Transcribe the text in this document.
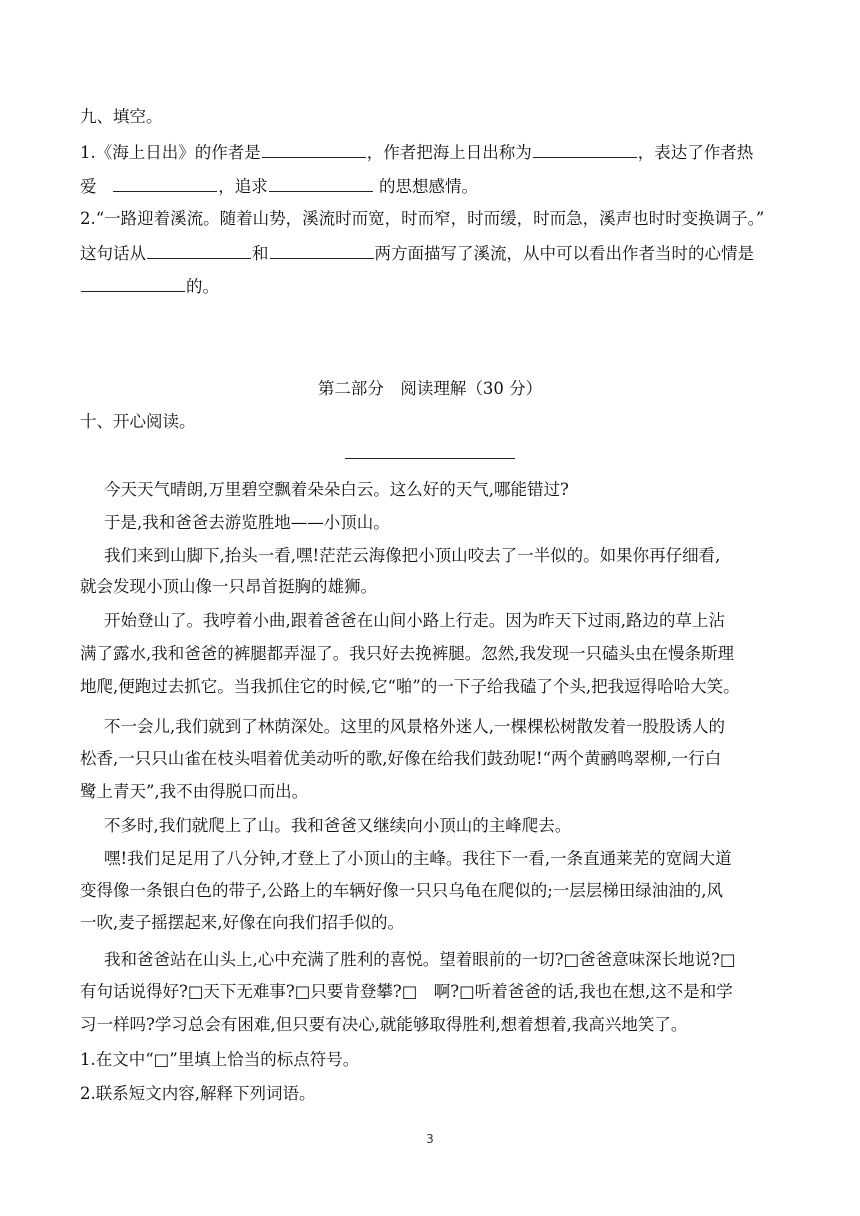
九、填空。
1.《海上日出》的作者是	，作者把海上日出称为	，表达了作者热
爱	，追求	的思想感情。
2.“一路迎着溪流。随着山势，溪流时而宽，时而窄，时而缓，时而急，溪声也时时变换调子。”
这句话从	和	两方面描写了溪流，从中可以看出作者当时的心情是
的。
第二部分　阅读理解（30 分）
十、开心阅读。
今天天气晴朗,万里碧空飘着朵朵白云。这么好的天气,哪能错过?
于是,我和爸爸去游览胜地——小顶山。
我们来到山脚下,抬头一看,嘿!茫茫云海像把小顶山咬去了一半似的。如果你再仔细看,
就会发现小顶山像一只昂首挺胸的雄狮。
开始登山了。我哼着小曲,跟着爸爸在山间小路上行走。因为昨天下过雨,路边的草上沾
满了露水,我和爸爸的裤腿都弄湿了。我只好去挽裤腿。忽然,我发现一只磕头虫在慢条斯理
地爬,便跑过去抓它。当我抓住它的时候,它“啪”的一下子给我磕了个头,把我逗得哈哈大笑。
不一会儿,我们就到了林荫深处。这里的风景格外迷人,一棵棵松树散发着一股股诱人的
松香,一只只山雀在枝头唱着优美动听的歌,好像在给我们鼓劲呢!“两个黄鹂鸣翠柳,一行白
鹭上青天”,我不由得脱口而出。
不多时,我们就爬上了山。我和爸爸又继续向小顶山的主峰爬去。
嘿!我们足足用了八分钟,才登上了小顶山的主峰。我往下一看,一条直通莱芜的宽阔大道
变得像一条银白色的带子,公路上的车辆好像一只只乌龟在爬似的;一层层梯田绿油油的,风
一吹,麦子摇摆起来,好像在向我们招手似的。
我和爸爸站在山头上,心中充满了胜利的喜悦。望着眼前的一切?□爸爸意味深长地说?□
有句话说得好?□天下无难事?□只要肯登攀?□　啊?□听着爸爸的话,我也在想,这不是和学
习一样吗?学习总会有困难,但只要有决心,就能够取得胜利,想着想着,我高兴地笑了。
1.在文中“□”里填上恰当的标点符号。
2.联系短文内容,解释下列词语。
3
